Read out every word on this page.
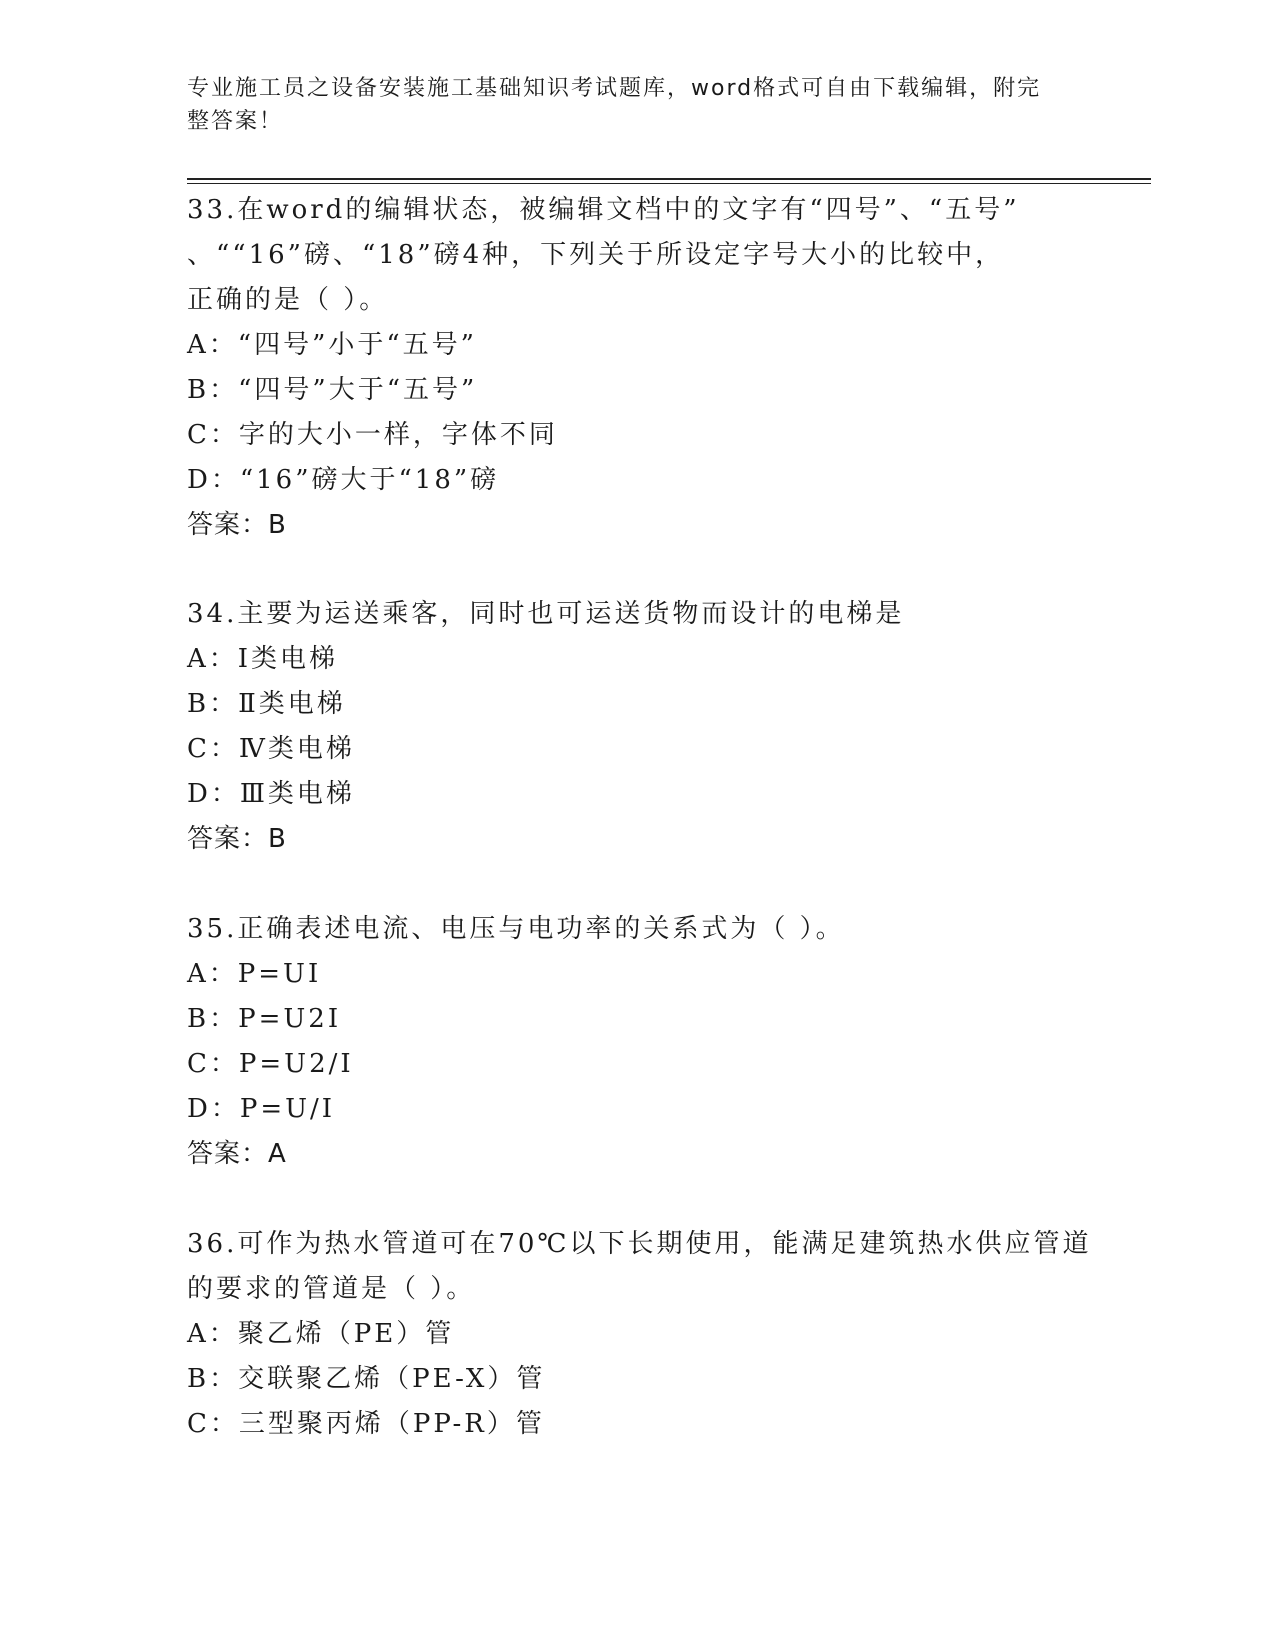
专业施工员之设备安装施工基础知识考试题库，word格式可自由下载编辑，附完
整答案！
33.在word的编辑状态，被编辑文档中的文字有“四号”、“五号”
、““16”磅、“18”磅4种，下列关于所设定字号大小的比较中，
正确的是（ ）。
A：“四号”小于“五号”
B：“四号”大于“五号”
C：字的大小一样，字体不同
D：“16”磅大于“18”磅
答案：B
34.主要为运送乘客，同时也可运送货物而设计的电梯是
A：I类电梯
B：Ⅱ类电梯
C：Ⅳ类电梯
D：Ⅲ类电梯
答案：B
35.正确表述电流、电压与电功率的关系式为（ ）。
A：P=UI
B：P=U2I
C：P=U2/I
D：P=U/I
答案：A
36.可作为热水管道可在70℃以下长期使用，能满足建筑热水供应管道
的要求的管道是（ ）。
A：聚乙烯（PE）管
B：交联聚乙烯（PE-X）管
C：三型聚丙烯（PP-R）管
